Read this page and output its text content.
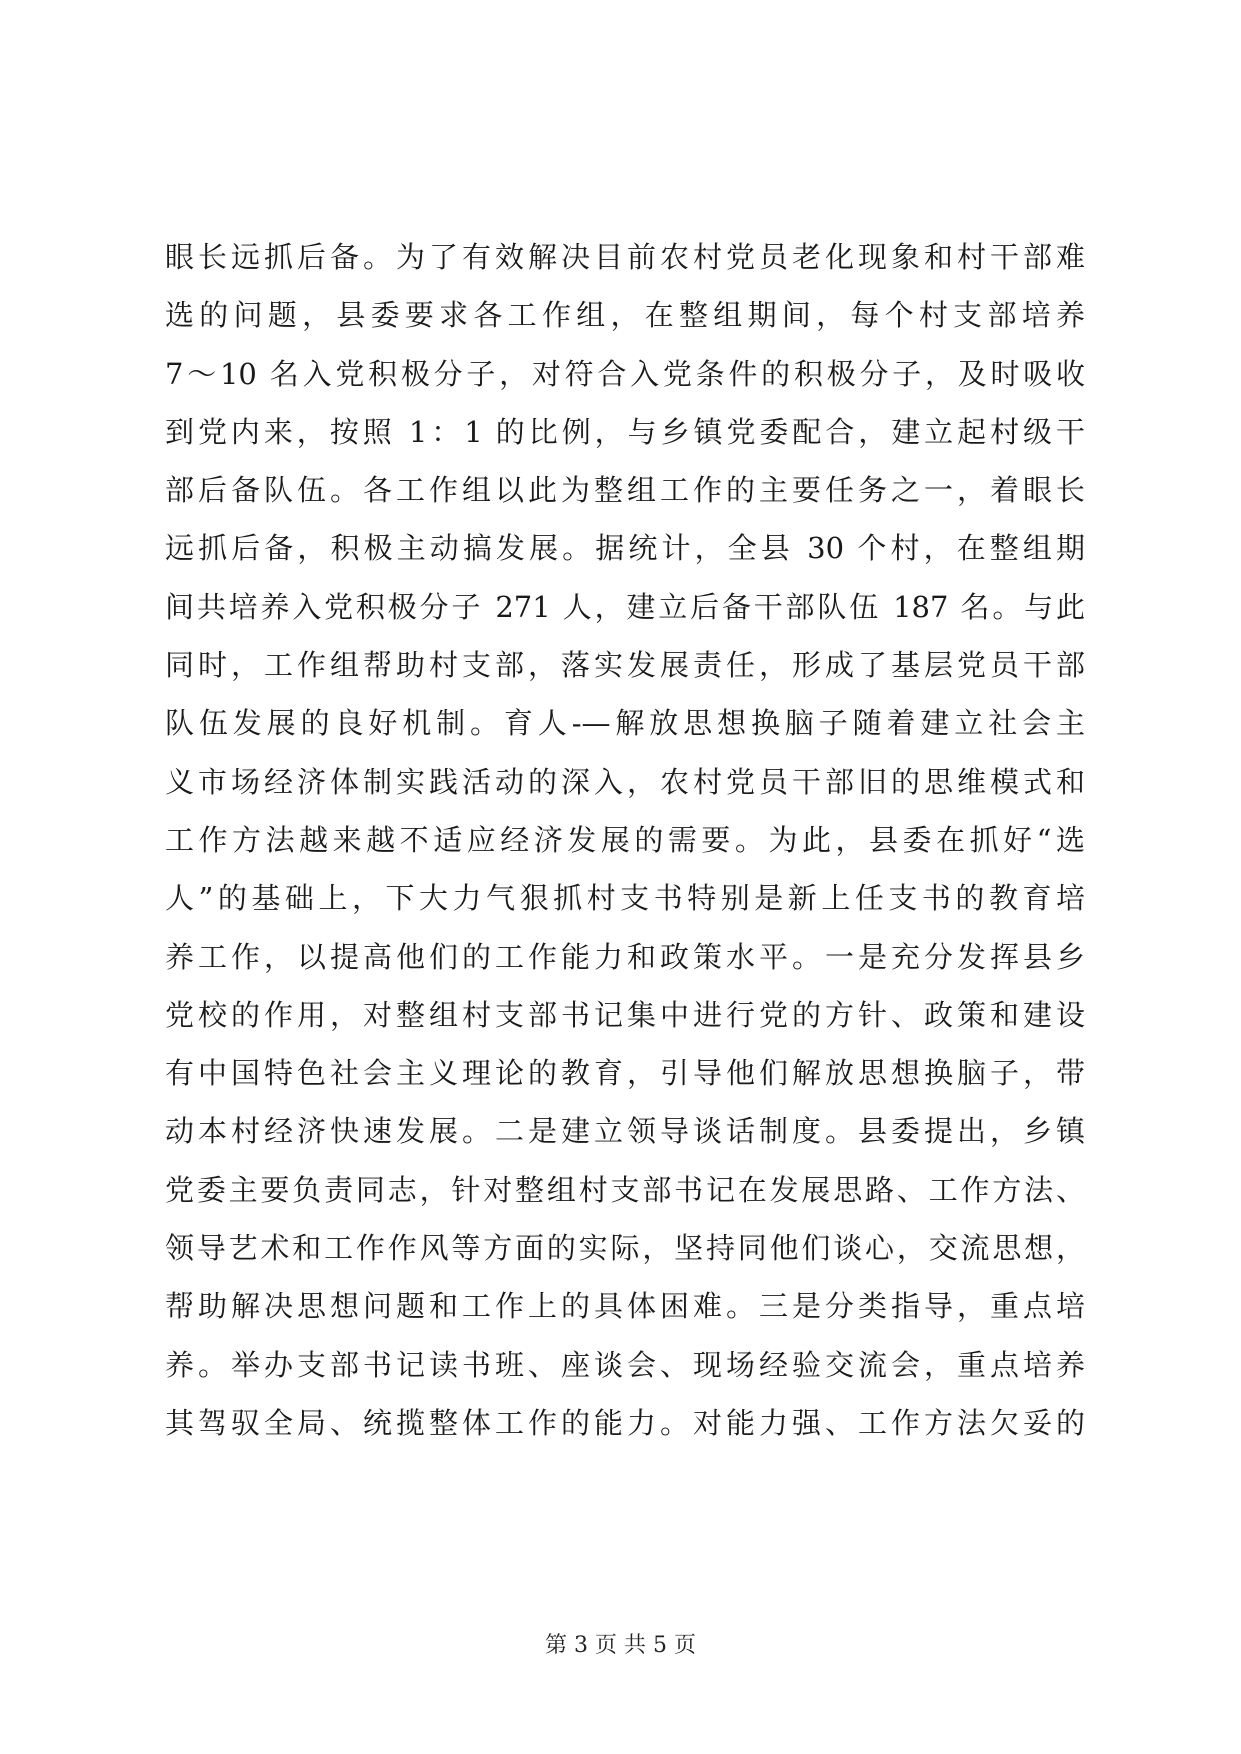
眼长远抓后备。为了有效解决目前农村党员老化现象和村干部难
选的问题，县委要求各工作组，在整组期间，每个村支部培养
7～10 名入党积极分子，对符合入党条件的积极分子，及时吸收
到党内来，按照 1：1 的比例，与乡镇党委配合，建立起村级干
部后备队伍。各工作组以此为整组工作的主要任务之一，着眼长
远抓后备，积极主动搞发展。据统计，全县 30 个村，在整组期
间共培养入党积极分子 271 人，建立后备干部队伍 187 名。与此
同时，工作组帮助村支部，落实发展责任，形成了基层党员干部
队伍发展的良好机制。育人-—解放思想换脑子随着建立社会主
义市场经济体制实践活动的深入，农村党员干部旧的思维模式和
工作方法越来越不适应经济发展的需要。为此，县委在抓好“选
人”的基础上，下大力气狠抓村支书特别是新上任支书的教育培
养工作，以提高他们的工作能力和政策水平。一是充分发挥县乡
党校的作用，对整组村支部书记集中进行党的方针、政策和建设
有中国特色社会主义理论的教育，引导他们解放思想换脑子，带
动本村经济快速发展。二是建立领导谈话制度。县委提出，乡镇
党委主要负责同志，针对整组村支部书记在发展思路、工作方法、
领导艺术和工作作风等方面的实际，坚持同他们谈心，交流思想，
帮助解决思想问题和工作上的具体困难。三是分类指导，重点培
养。举办支部书记读书班、座谈会、现场经验交流会，重点培养
其驾驭全局、统揽整体工作的能力。对能力强、工作方法欠妥的
第 3 页 共 5 页
